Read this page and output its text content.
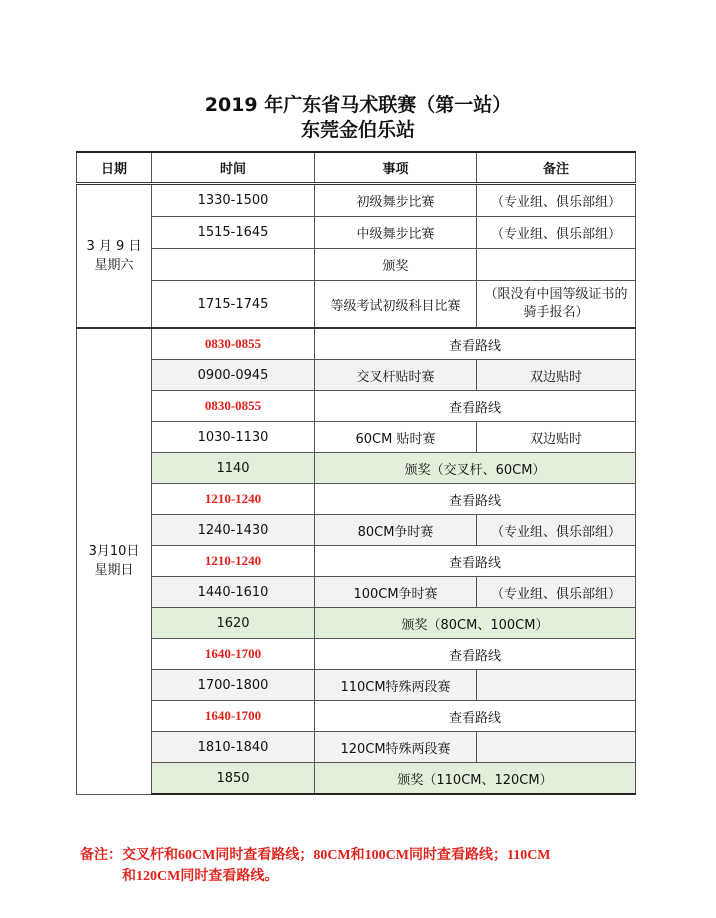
2019 年广东省马术联赛（第一站）
东莞金伯乐站
日期	时间	事项	备注

3 月 9 日
星期六	1330-1500	初级舞步比赛	（专业组、俱乐部组）
	1515-1645	中级舞步比赛	（专业组、俱乐部组）
		颁奖	
	1715-1745	等级考试初级科目比赛	（限没有中国等级证书的骑手报名）

3月10日
星期日	0830-0855	查看路线	
	0900-0945	交叉杆贴时赛	双边贴时
	0830-0855	查看路线	
	1030-1130	60CM 贴时赛	双边贴时
	1140	颁奖（交叉杆、60CM）	
	1210-1240	查看路线	
	1240-1430	80CM争时赛	（专业组、俱乐部组）
	1210-1240	查看路线	
	1440-1610	100CM争时赛	（专业组、俱乐部组）
	1620	颁奖（80CM、100CM）	
	1640-1700	查看路线	
	1700-1800	110CM特殊两段赛	
	1640-1700	查看路线	
	1810-1840	120CM特殊两段赛	
	1850	颁奖（110CM、120CM）	
备注：交叉杆和60CM同时查看路线；80CM和100CM同时查看路线；110CM
和120CM同时查看路线。
